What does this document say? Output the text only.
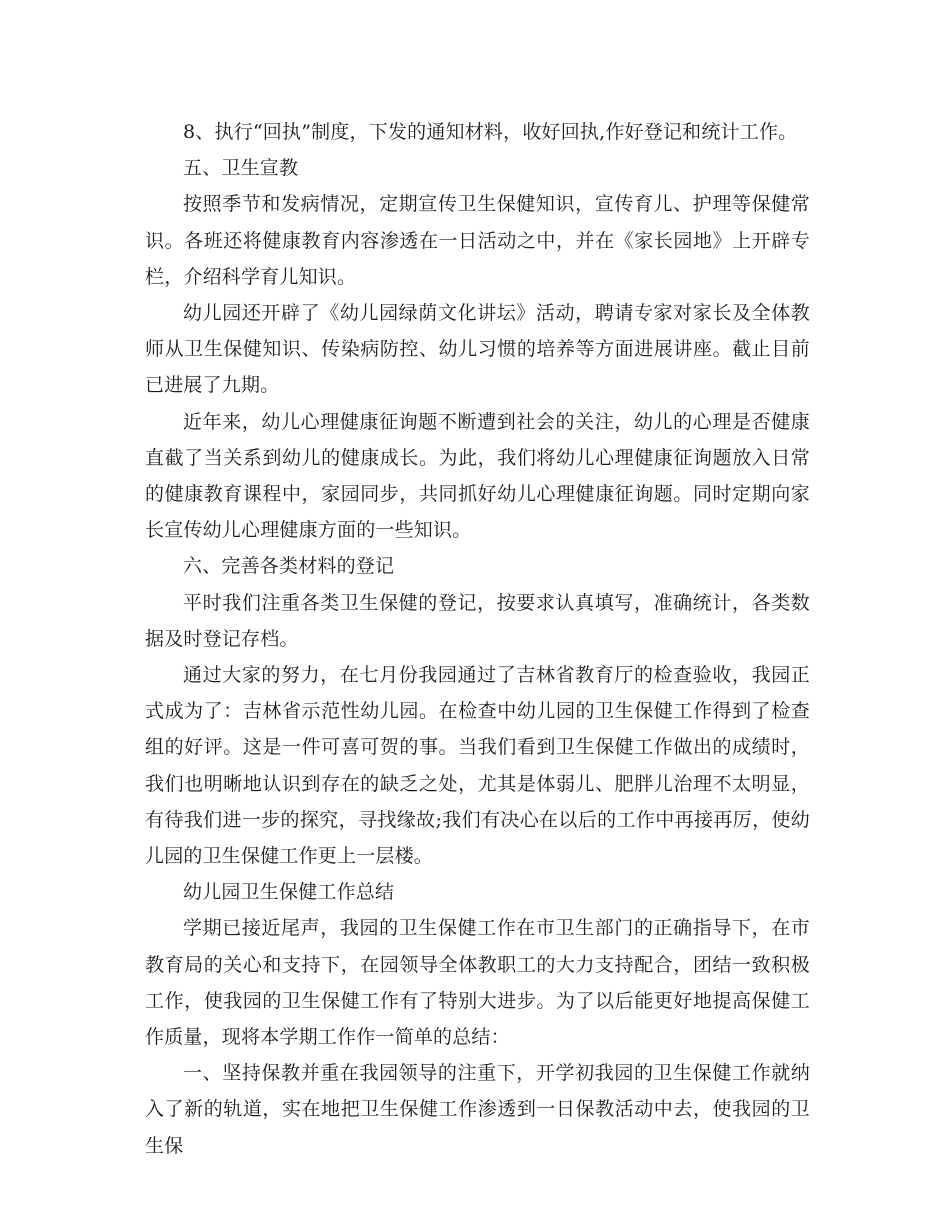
8、执行“回执”制度，下发的通知材料，收好回执,作好登记和统计工作。

五、卫生宣教

按照季节和发病情况，定期宣传卫生保健知识，宣传育儿、护理等保健常识。各班还将健康教育内容渗透在一日活动之中，并在《家长园地》上开辟专栏，介绍科学育儿知识。

幼儿园还开辟了《幼儿园绿荫文化讲坛》活动，聘请专家对家长及全体教师从卫生保健知识、传染病防控、幼儿习惯的培养等方面进展讲座。截止目前已进展了九期。

近年来，幼儿心理健康征询题不断遭到社会的关注，幼儿的心理是否健康直截了当关系到幼儿的健康成长。为此，我们将幼儿心理健康征询题放入日常的健康教育课程中，家园同步，共同抓好幼儿心理健康征询题。同时定期向家长宣传幼儿心理健康方面的一些知识。

六、完善各类材料的登记

平时我们注重各类卫生保健的登记，按要求认真填写，准确统计，各类数据及时登记存档。

通过大家的努力，在七月份我园通过了吉林省教育厅的检查验收，我园正式成为了：吉林省示范性幼儿园。在检查中幼儿园的卫生保健工作得到了检查组的好评。这是一件可喜可贺的事。当我们看到卫生保健工作做出的成绩时，我们也明晰地认识到存在的缺乏之处，尤其是体弱儿、肥胖儿治理不太明显，有待我们进一步的探究，寻找缘故;我们有决心在以后的工作中再接再厉，使幼儿园的卫生保健工作更上一层楼。

幼儿园卫生保健工作总结

学期已接近尾声，我园的卫生保健工作在市卫生部门的正确指导下，在市教育局的关心和支持下，在园领导全体教职工的大力支持配合，团结一致积极工作，使我园的卫生保健工作有了特别大进步。为了以后能更好地提高保健工作质量，现将本学期工作作一简单的总结：

一、坚持保教并重在我园领导的注重下，开学初我园的卫生保健工作就纳入了新的轨道，实在地把卫生保健工作渗透到一日保教活动中去，使我园的卫生保
